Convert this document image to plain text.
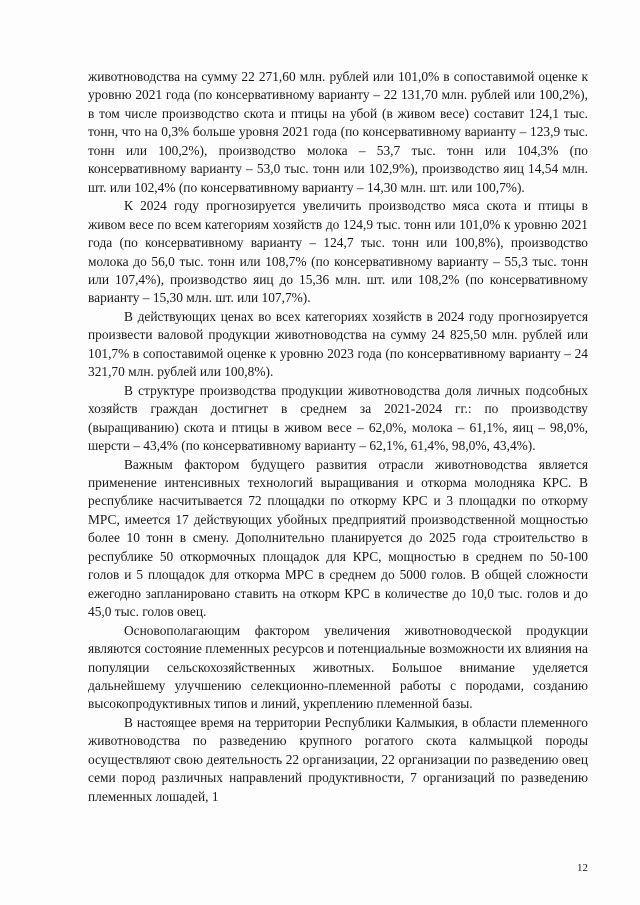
животноводства на сумму 22 271,60 млн. рублей или 101,0% в сопоставимой оценке к уровню 2021 года (по консервативному варианту – 22 131,70 млн. рублей или 100,2%), в том числе производство скота и птицы на убой (в живом весе) составит 124,1 тыс. тонн, что на 0,3% больше уровня 2021 года (по консервативному варианту – 123,9 тыс. тонн или 100,2%), производство молока – 53,7 тыс. тонн или 104,3% (по консервативному варианту – 53,0 тыс. тонн или 102,9%), производство яиц 14,54 млн. шт. или 102,4% (по консервативному варианту – 14,30 млн. шт. или 100,7%).

К 2024 году прогнозируется увеличить производство мяса скота и птицы в живом весе по всем категориям хозяйств до 124,9 тыс. тонн или 101,0% к уровню 2021 года (по консервативному варианту – 124,7 тыс. тонн или 100,8%), производство молока до 56,0 тыс. тонн или 108,7% (по консервативному варианту – 55,3 тыс. тонн или 107,4%), производство яиц до 15,36 млн. шт. или 108,2% (по консервативному варианту – 15,30 млн. шт. или 107,7%).

В действующих ценах во всех категориях хозяйств в 2024 году прогнозируется произвести валовой продукции животноводства на сумму 24 825,50 млн. рублей или 101,7% в сопоставимой оценке к уровню 2023 года (по консервативному варианту – 24 321,70 млн. рублей или 100,8%).

В структуре производства продукции животноводства доля личных подсобных хозяйств граждан достигнет в среднем за 2021-2024 гг.: по производству (выращиванию) скота и птицы в живом весе – 62,0%, молока – 61,1%, яиц – 98,0%, шерсти – 43,4% (по консервативному варианту – 62,1%, 61,4%, 98,0%, 43,4%).

Важным фактором будущего развития отрасли животноводства является применение интенсивных технологий выращивания и откорма молодняка КРС. В республике насчитывается 72 площадки по откорму КРС и 3 площадки по откорму МРС, имеется 17 действующих убойных предприятий производственной мощностью более 10 тонн в смену. Дополнительно планируется до 2025 года строительство в республике 50 откормочных площадок для КРС, мощностью в среднем по 50-100 голов и 5 площадок для откорма МРС в среднем до 5000 голов. В общей сложности ежегодно запланировано ставить на откорм КРС в количестве до 10,0 тыс. голов и до 45,0 тыс. голов овец.

Основополагающим фактором увеличения животноводческой продукции являются состояние племенных ресурсов и потенциальные возможности их влияния на популяции сельскохозяйственных животных. Большое внимание уделяется дальнейшему улучшению селекционно-племенной работы с породами, созданию высокопродуктивных типов и линий, укреплению племенной базы.

В настоящее время на территории Республики Калмыкия, в области племенного животноводства по разведению крупного рогатого скота калмыцкой породы осуществляют свою деятельность 22 организации, 22 организации по разведению овец семи пород различных направлений продуктивности, 7 организаций по разведению племенных лошадей, 1

12
